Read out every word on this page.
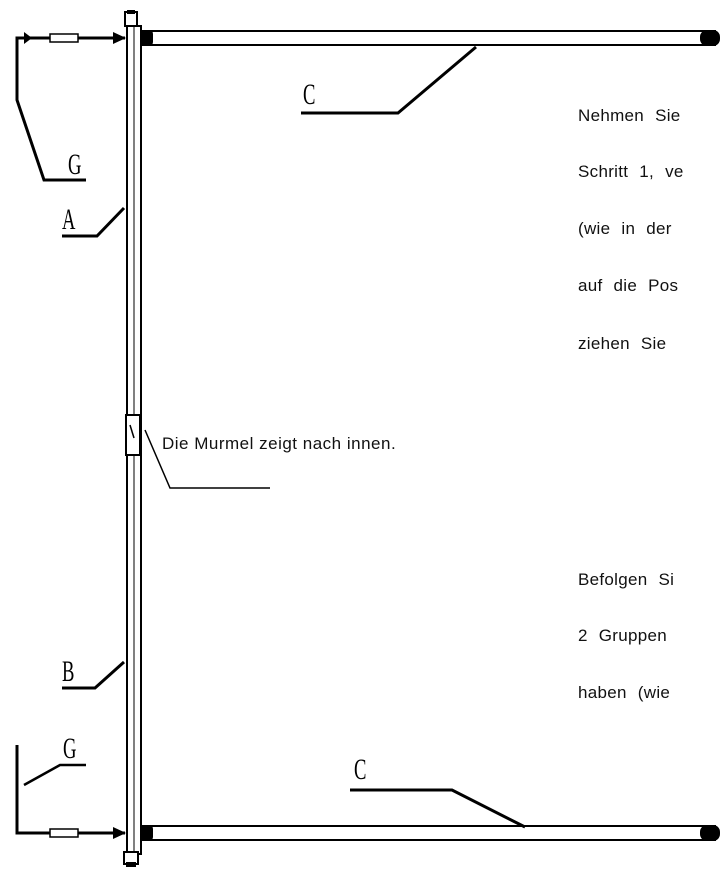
C

C

G

G

A

B

Die Murmel zeigt nach innen.

Nehmen Sie

Schritt 1, ve

(wie in der

auf die Pos

ziehen Sie

Befolgen Si

2 Gruppen

haben (wie
